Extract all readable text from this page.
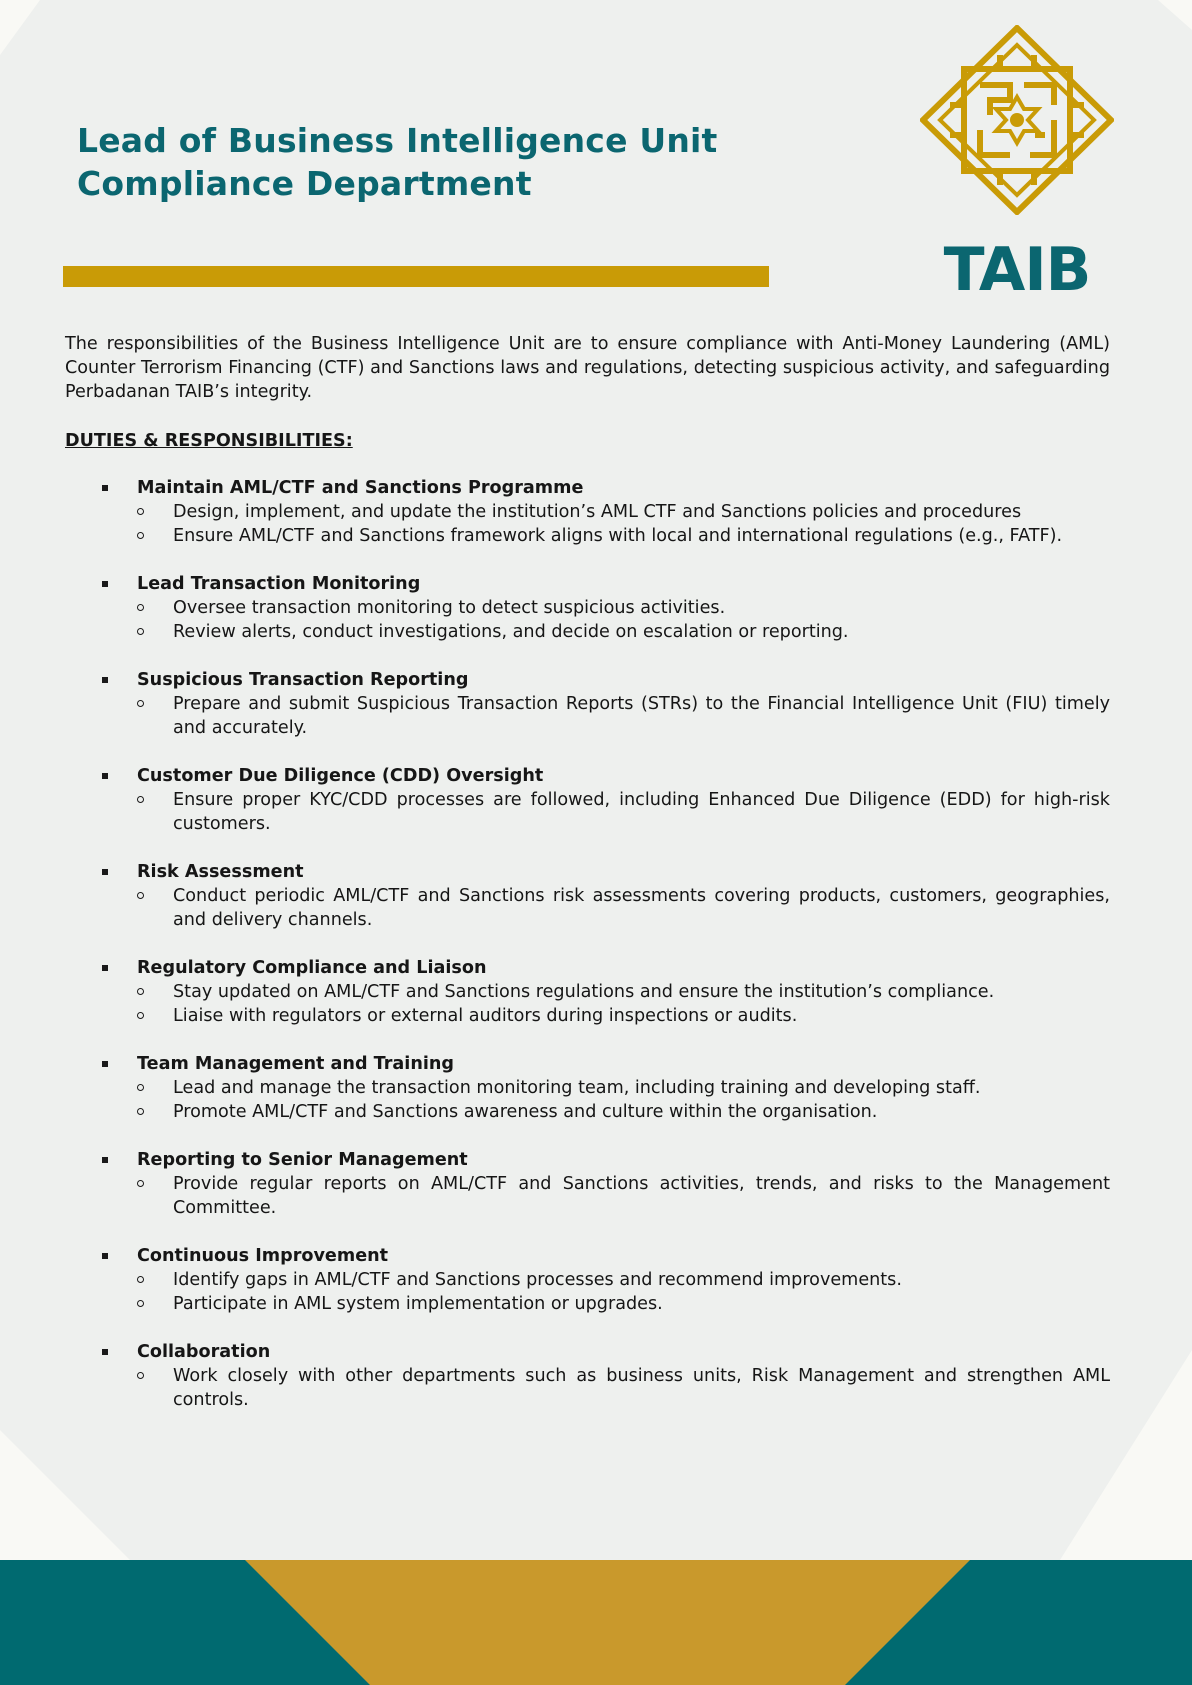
Lead of Business Intelligence Unit
Compliance Department
TAIB

The responsibilities of the Business Intelligence Unit are to ensure compliance with Anti-Money Laundering (AML) Counter Terrorism Financing (CTF) and Sanctions laws and regulations, detecting suspicious activity, and safeguarding Perbadanan TAIB’s integrity.

DUTIES & RESPONSIBILITIES:
Maintain AML/CTF and Sanctions Programme
Design, implement, and update the institution’s AML CTF and Sanctions policies and procedures
Ensure AML/CTF and Sanctions framework aligns with local and international regulations (e.g., FATF).
Lead Transaction Monitoring
Oversee transaction monitoring to detect suspicious activities.
Review alerts, conduct investigations, and decide on escalation or reporting.
Suspicious Transaction Reporting
Prepare and submit Suspicious Transaction Reports (STRs) to the Financial Intelligence Unit (FIU) timely and accurately.
Customer Due Diligence (CDD) Oversight
Ensure proper KYC/CDD processes are followed, including Enhanced Due Diligence (EDD) for high-risk customers.
Risk Assessment
Conduct periodic AML/CTF and Sanctions risk assessments covering products, customers, geographies, and delivery channels.
Regulatory Compliance and Liaison
Stay updated on AML/CTF and Sanctions regulations and ensure the institution’s compliance.
Liaise with regulators or external auditors during inspections or audits.
Team Management and Training
Lead and manage the transaction monitoring team, including training and developing staff.
Promote AML/CTF and Sanctions awareness and culture within the organisation.
Reporting to Senior Management
Provide regular reports on AML/CTF and Sanctions activities, trends, and risks to the Management Committee.
Continuous Improvement
Identify gaps in AML/CTF and Sanctions processes and recommend improvements.
Participate in AML system implementation or upgrades.
Collaboration
Work closely with other departments such as business units, Risk Management and strengthen AML controls.
